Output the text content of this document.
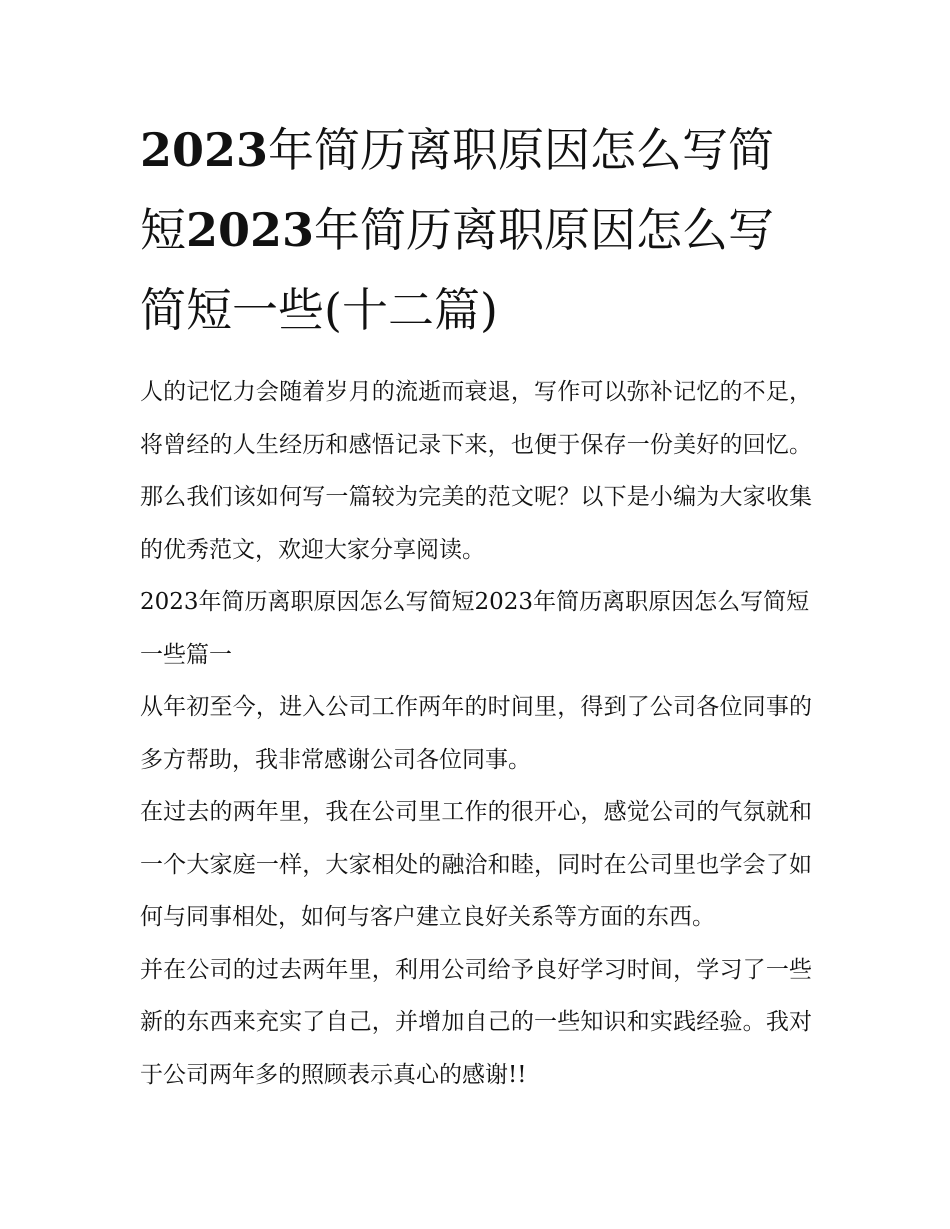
2023年简历离职原因怎么写简短2023年简历离职原因怎么写简短一些(十二篇)

人的记忆力会随着岁月的流逝而衰退，写作可以弥补记忆的不足，将曾经的人生经历和感悟记录下来，也便于保存一份美好的回忆。那么我们该如何写一篇较为完美的范文呢？以下是小编为大家收集的优秀范文，欢迎大家分享阅读。

2023年简历离职原因怎么写简短2023年简历离职原因怎么写简短一些篇一

从年初至今，进入公司工作两年的时间里，得到了公司各位同事的多方帮助，我非常感谢公司各位同事。

在过去的两年里，我在公司里工作的很开心，感觉公司的气氛就和一个大家庭一样，大家相处的融洽和睦，同时在公司里也学会了如何与同事相处，如何与客户建立良好关系等方面的东西。

并在公司的过去两年里，利用公司给予良好学习时间，学习了一些新的东西来充实了自己，并增加自己的一些知识和实践经验。我对于公司两年多的照顾表示真心的感谢!!
